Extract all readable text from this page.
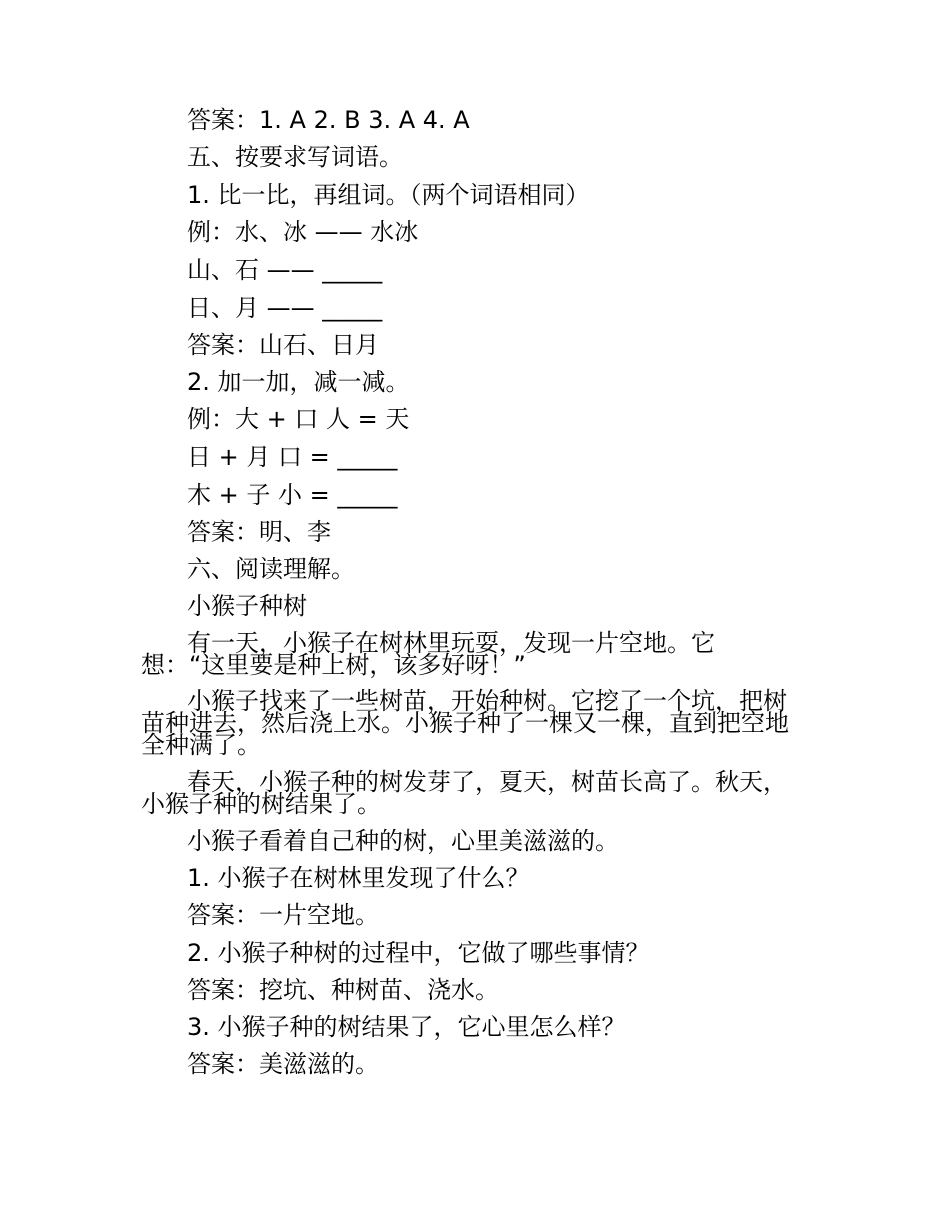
答案：1. A 2. B 3. A 4. A

五、按要求写词语。

1. 比一比，再组词。（两个词语相同）

例：水、冰 —— 水冰

山、石 —— _____

日、月 —— _____

答案：山石、日月

2. 加一加，减一减。

例：大 + 口 人 = 天

日 + 月 口 = _____

木 + 子 小 = _____

答案：明、李

六、阅读理解。

小猴子种树

有一天，小猴子在树林里玩耍，发现一片空地。它

想：“这里要是种上树，该多好呀！”

小猴子找来了一些树苗，开始种树。它挖了一个坑，把树

苗种进去，然后浇上水。小猴子种了一棵又一棵，直到把空地

全种满了。

春天，小猴子种的树发芽了，夏天，树苗长高了。秋天，

小猴子种的树结果了。

小猴子看着自己种的树，心里美滋滋的。

1. 小猴子在树林里发现了什么？

答案：一片空地。

2. 小猴子种树的过程中，它做了哪些事情？

答案：挖坑、种树苗、浇水。

3. 小猴子种的树结果了，它心里怎么样？

答案：美滋滋的。
